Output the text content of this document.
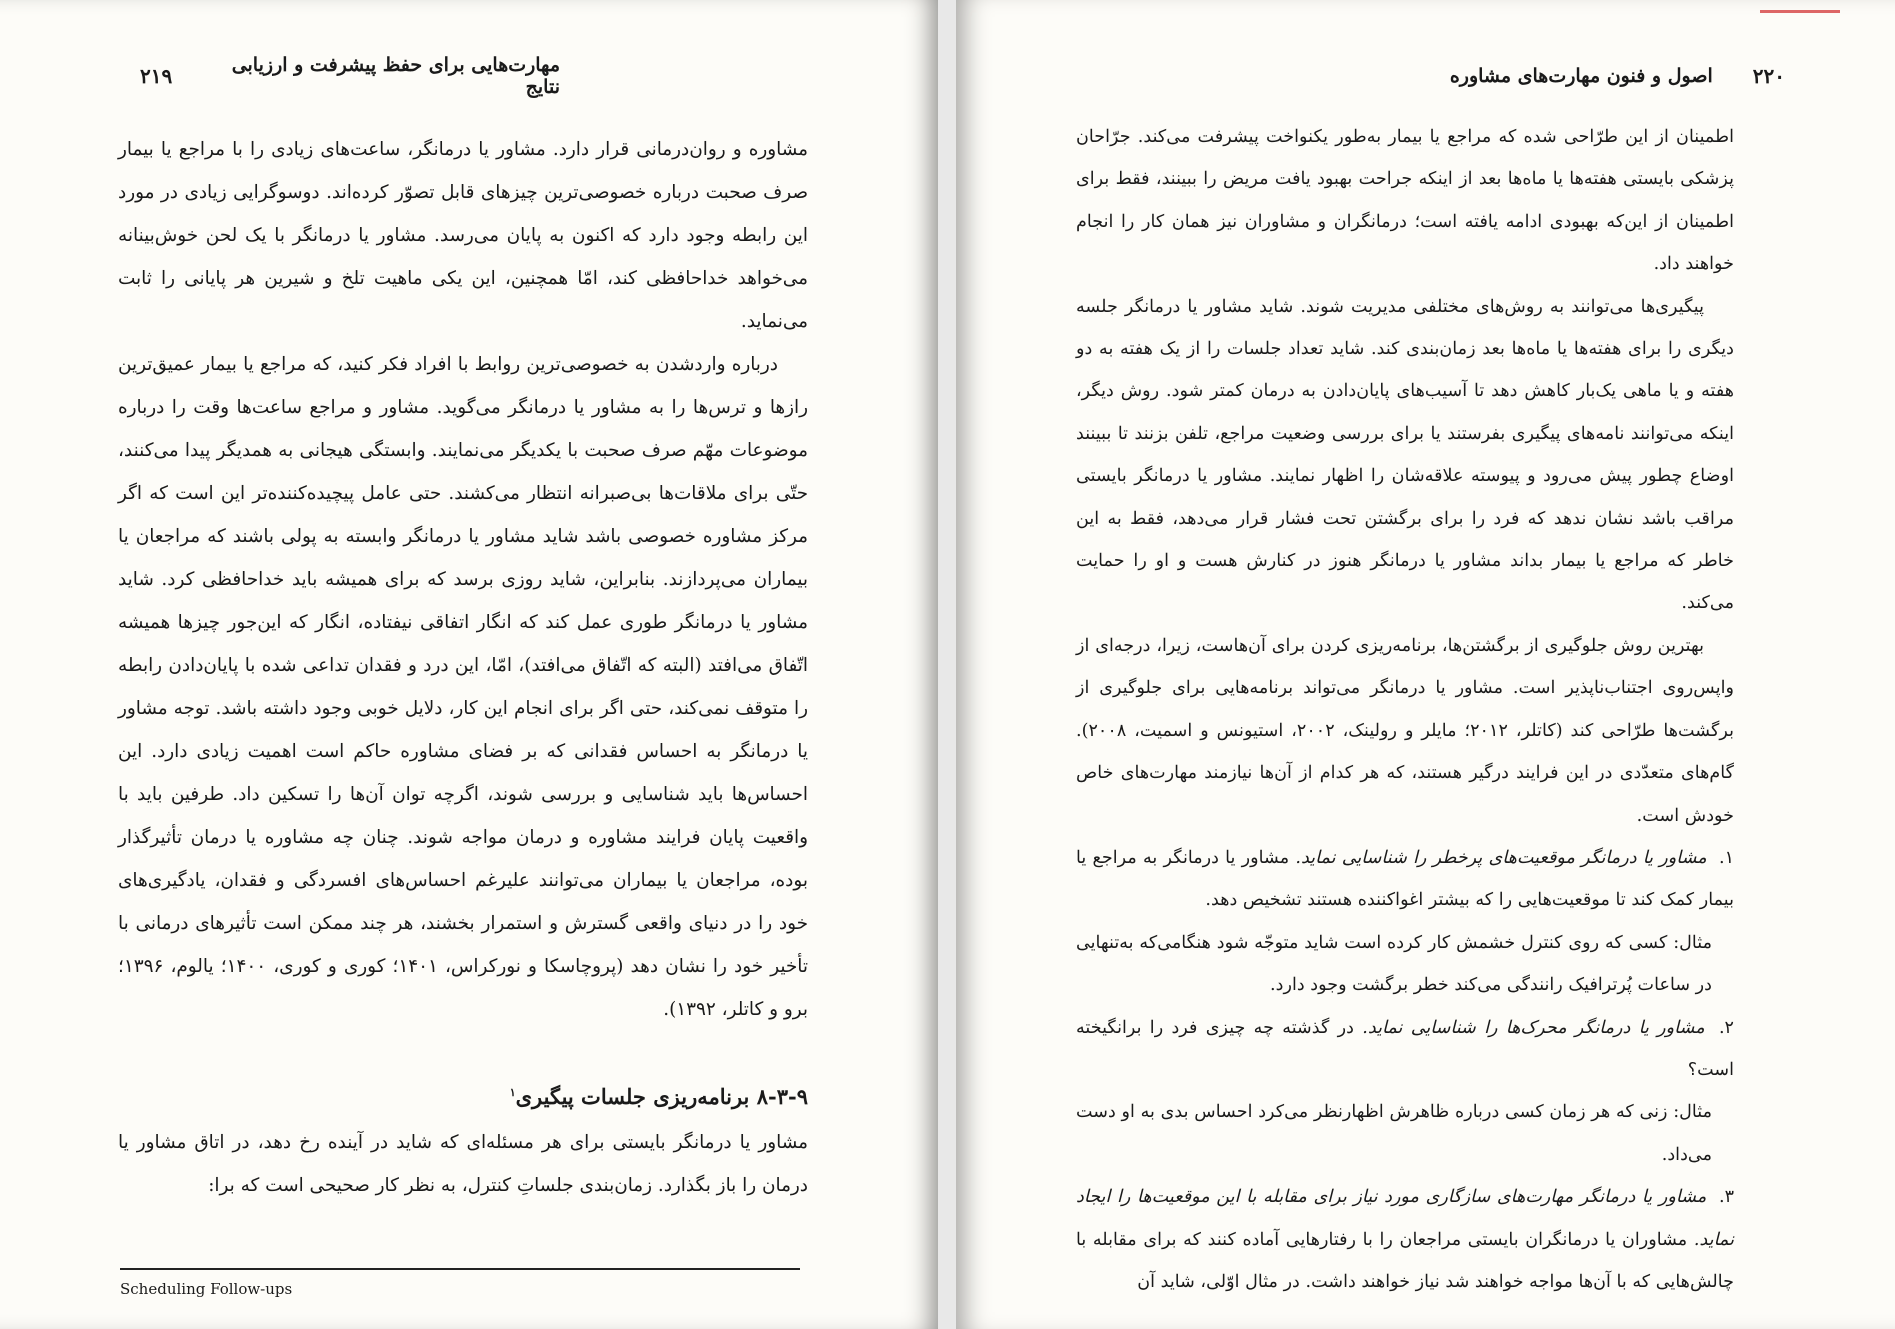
۲۱۹	مهارت‌هایی برای حفظ پیشرفت و ارزیابی نتایج

مشاوره و روان‌درمانی قرار دارد. مشاور یا درمانگر، ساعت‌های زیادی را با مراجع یا بیمار صرف صحبت درباره خصوصی‌ترین چیزهای قابل تصوّر کرده‌اند. دوسوگرایی زیادی در مورد این رابطه وجود دارد که اکنون به پایان می‌رسد. مشاور یا درمانگر با یک لحن خوش‌بینانه می‌خواهد خداحافظی کند، امّا همچنین، این یکی ماهیت تلخ و شیرین هر پایانی را ثابت می‌نماید.

درباره واردشدن به خصوصی‌ترین روابط با افراد فکر کنید، که مراجع یا بیمار عمیق‌ترین رازها و ترس‌ها را به مشاور یا درمانگر می‌گوید. مشاور و مراجع ساعت‌ها وقت را درباره موضوعات مهّم صرف صحبت با یکدیگر می‌نمایند. وابستگی هیجانی به همدیگر پیدا می‌کنند، حتّی برای ملاقات‌ها بی‌صبرانه انتظار می‌کشند. حتی عامل پیچیده‌کننده‌تر این است که اگر مرکز مشاوره خصوصی باشد شاید مشاور یا درمانگر وابسته به پولی باشند که مراجعان یا بیماران می‌پردازند. بنابراین، شاید روزی برسد که برای همیشه باید خداحافظی کرد. شاید مشاور یا درمانگر طوری عمل کند که انگار اتفاقی نیفتاده، انگار که این‌جور چیزها همیشه اتّفاق می‌افتد (البته که اتّفاق می‌افتد)، امّا، این درد و فقدان تداعی شده با پایان‌دادن رابطه را متوقف نمی‌کند، حتی اگر برای انجام این کار، دلایل خوبی وجود داشته باشد. توجه مشاور یا درمانگر به احساس فقدانی که بر فضای مشاوره حاکم است اهمیت زیادی دارد. این احساس‌ها باید شناسایی و بررسی شوند، اگرچه توان آن‌ها را تسکین داد. طرفین باید با واقعیت پایان فرایند مشاوره و درمان مواجه شوند. چنان چه مشاوره یا درمان تأثیرگذار بوده، مراجعان یا بیماران می‌توانند علیرغم احساس‌های افسردگی و فقدان، یادگیری‌های خود را در دنیای واقعی گسترش و استمرار بخشند، هر چند ممکن است تأثیرهای درمانی با تأخیر خود را نشان دهد (پروچاسکا و نورکراس، ۱۴۰۱؛ کوری و کوری، ۱۴۰۰؛ یالوم، ۱۳۹۶؛ برو و کاتلر، ۱۳۹۲).

۸-۳-۹ برنامه‌ریزی جلسات پیگیری$^۱$

مشاور یا درمانگر بایستی برای هر مسئله‌ای که شاید در آینده رخ دهد، در اتاق مشاور یا درمان را باز بگذارد. زمان‌بندی جلساتِ کنترل، به نظر کار صحیحی است که برا:

Scheduling Follow-ups
۲۲۰
اصول و فنون مهارت‌های مشاوره

اطمینان از این طرّاحی شده که مراجع یا بیمار به‌طور یکنواخت پیشرفت می‌کند. جرّاحان پزشکی بایستی هفته‌ها یا ماه‌ها بعد از اینکه جراحت بهبود یافت مریض را ببینند، فقط برای اطمینان از این‌که بهبودی ادامه یافته است؛ درمانگران و مشاوران نیز همان کار را انجام خواهند داد.

پیگیری‌ها می‌توانند به روش‌های مختلفی مدیریت شوند. شاید مشاور یا درمانگر جلسه دیگری را برای هفته‌ها یا ماه‌ها بعد زمان‌بندی کند. شاید تعداد جلسات را از یک هفته به دو هفته و یا ماهی یک‌بار کاهش دهد تا آسیب‌های پایان‌دادن به درمان کمتر شود. روش دیگر، اینکه می‌توانند نامه‌های پیگیری بفرستند یا برای بررسی وضعیت مراجع، تلفن بزنند تا ببینند اوضاع چطور پیش می‌رود و پیوسته علاقه‌شان را اظهار نمایند. مشاور یا درمانگر بایستی مراقب باشد نشان ندهد که فرد را برای برگشتن تحت فشار قرار می‌دهد، فقط به این خاطر که مراجع یا بیمار بداند مشاور یا درمانگر هنوز در کنارش هست و او را حمایت می‌کند.

بهترین روش جلوگیری از برگشتن‌ها، برنامه‌ریزی کردن برای آن‌هاست، زیرا، درجه‌ای از واپس‌روی اجتناب‌ناپذیر است. مشاور یا درمانگر می‌تواند برنامه‌هایی برای جلوگیری از برگشت‌ها طرّاحی کند (کاتلر، ۲۰۱۲؛ مایلر و رولینک، ۲۰۰۲، استیونس و اسمیت، ۲۰۰۸). گام‌های متعدّدی در این فرایند درگیر هستند، که هر کدام از آن‌ها نیازمند مهارت‌های خاص خودش است.

۱. مشاور یا درمانگر موقعیت‌های پرخطر را شناسایی نماید. مشاور یا درمانگر به مراجع یا بیمار کمک کند تا موقعیت‌هایی را که بیشتر اغواکننده هستند تشخیص دهد.

مثال: کسی که روی کنترل خشمش کار کرده است شاید متوجّه شود هنگامی‌که به‌تنهایی در ساعات پُرترافیک رانندگی می‌کند خطر برگشت وجود دارد.

۲. مشاور یا درمانگر محرک‌ها را شناسایی نماید. در گذشته چه چیزی فرد را برانگیخته است؟

مثال: زنی که هر زمان کسی درباره ظاهرش اظهارنظر می‌کرد احساس بدی به او دست می‌داد.

۳. مشاور یا درمانگر مهارت‌های سازگاری مورد نیاز برای مقابله با این موقعیت‌ها را ایجاد نماید. مشاوران یا درمانگران بایستی مراجعان را با رفتارهایی آماده کنند که برای مقابله با چالش‌هایی که با آن‌ها مواجه خواهند شد نیاز خواهند داشت. در مثال اوّلی، شاید آن
